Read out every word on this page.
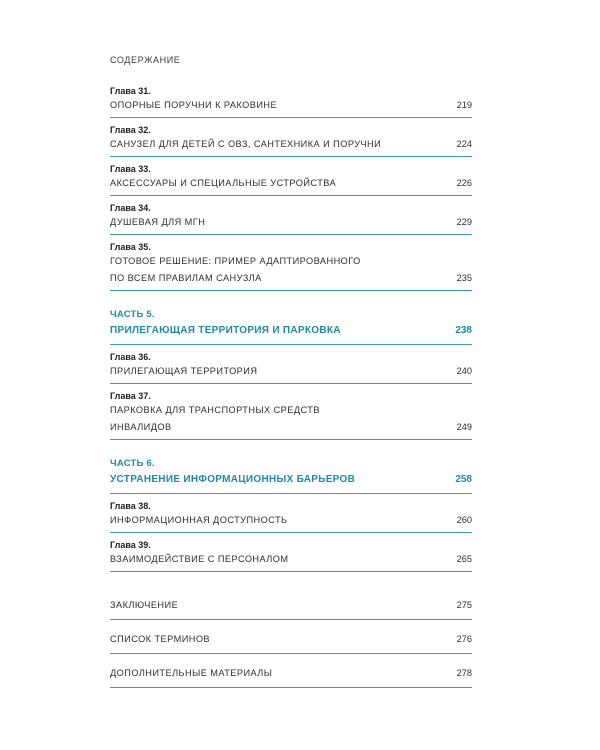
СОДЕРЖАНИЕ
Глава 31.
ОПОРНЫЕ ПОРУЧНИ К РАКОВИНЕ	219
Глава 32.
САНУЗЕЛ ДЛЯ ДЕТЕЙ С ОВЗ, САНТЕХНИКА И ПОРУЧНИ	224
Глава 33.
АКСЕССУАРЫ И СПЕЦИАЛЬНЫЕ УСТРОЙСТВА	226
Глава 34.
ДУШЕВАЯ ДЛЯ МГН	229
Глава 35.
ГОТОВОЕ РЕШЕНИЕ: ПРИМЕР АДАПТИРОВАННОГО
ПО ВСЕМ ПРАВИЛАМ САНУЗЛА	235
ЧАСТЬ 5.
ПРИЛЕГАЮЩАЯ ТЕРРИТОРИЯ И ПАРКОВКА	238
Глава 36.
ПРИЛЕГАЮЩАЯ ТЕРРИТОРИЯ	240
Глава 37.
ПАРКОВКА ДЛЯ ТРАНСПОРТНЫХ СРЕДСТВ
ИНВАЛИДОВ	249
ЧАСТЬ 6.
УСТРАНЕНИЕ ИНФОРМАЦИОННЫХ БАРЬЕРОВ	258
Глава 38.
ИНФОРМАЦИОННАЯ ДОСТУПНОСТЬ	260
Глава 39.
ВЗАИМОДЕЙСТВИЕ С ПЕРСОНАЛОМ	265
ЗАКЛЮЧЕНИЕ	275
СПИСОК ТЕРМИНОВ	276
ДОПОЛНИТЕЛЬНЫЕ МАТЕРИАЛЫ	278
